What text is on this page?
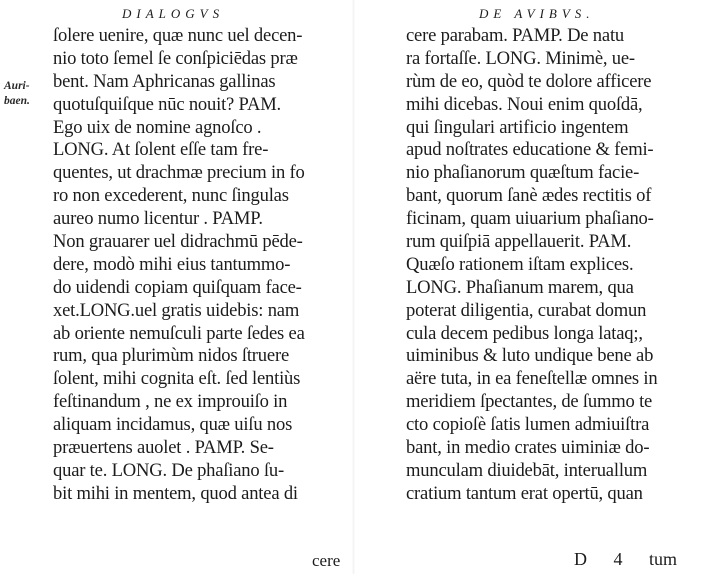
DIALOGVS
Auri-baen.
ſolere uenire, quæ nunc uel decen-
nio toto ſemel ſe conſpiciēdas præ
bent. Nam Aphricanas gallinas
quotuſquiſque nūc nouit? PAM.
Ego uix de nomine agnoſco .
LONG. At ſolent eſſe tam fre-
quentes, ut drachmæ precium in fo
ro non excederent, nunc ſingulas
aureo numo licentur . PAMP.
Non grauarer uel didrachmū pēde-
dere, modò mihi eius tantummo-
do uidendi copiam quiſquam face-
xet.LONG.uel gratis uidebis: nam
ab oriente nemuſculi parte ſedes ea
rum, qua plurimùm nidos ſtruere
ſolent, mihi cognita eſt. ſed lentiùs
feſtinandum , ne ex improuiſo in
aliquam incidamus, quæ uiſu nos
præuertens auolet . PAMP. Se-
quar te. LONG. De phaſiano ſu-
bit mihi in mentem, quod antea di
cere
DE AVIBVS.
cere parabam. PAMP. De natu
ra fortaſſe. LONG. Minimè, ue-
rùm de eo, quòd te dolore afficere
mihi dicebas. Noui enim quoſdā,
qui ſingulari artificio ingentem
apud noſtrates educatione & femi-
nio phaſianorum quæſtum facie-
bant, quorum ſanè ædes rectitis of
ficinam, quam uiuarium phaſiano-
rum quiſpiā appellauerit. PAM.
Quæſo rationem iſtam explices.
LONG. Phaſianum marem, qua
poterat diligentia, curabat domun
cula decem pedibus longa lataq;,
uiminibus & luto undique bene ab
aëre tuta, in ea feneſtellæ omnes in
meridiem ſpectantes, de ſummo te
cto copioſè ſatis lumen admiuiſtra
bant, in medio crates uiminiæ do-
munculam diuidebāt, interuallum
cratium tantum erat opertū, quan
D 4 tum
